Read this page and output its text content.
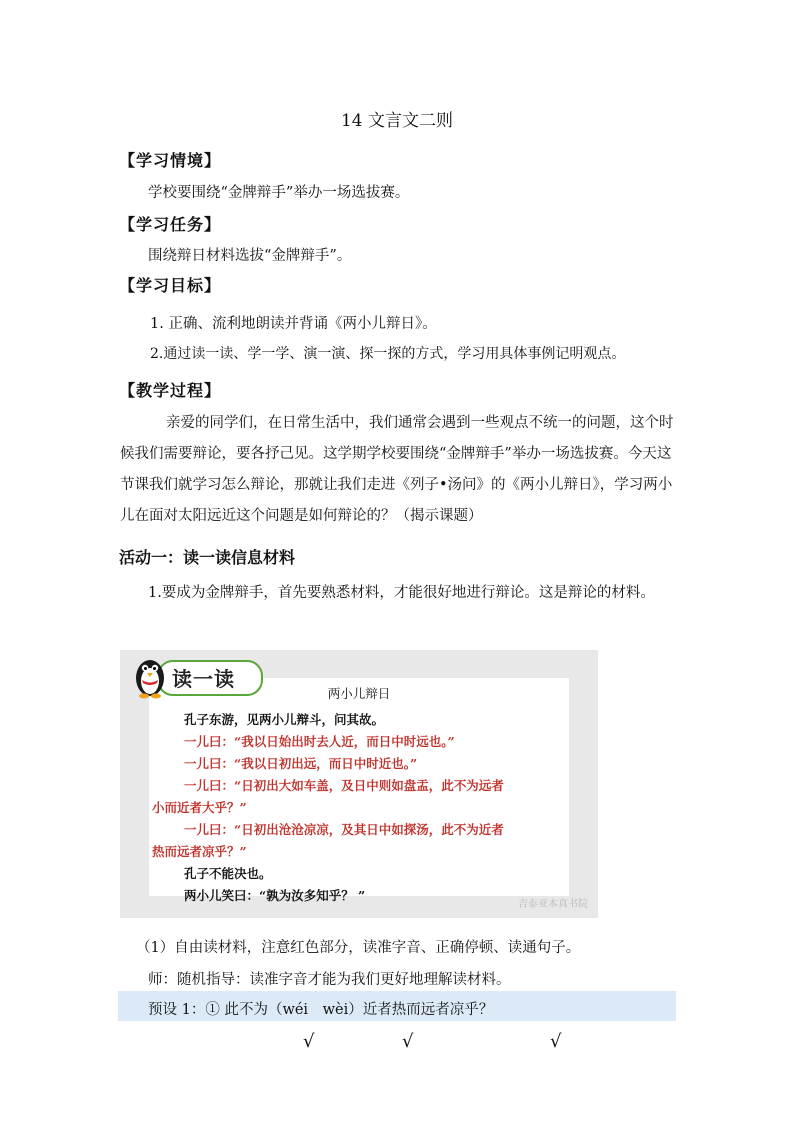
14 文言文二则
【学习情境】
学校要围绕“金牌辩手”举办一场选拔赛。
【学习任务】
围绕辩日材料选拔“金牌辩手”。
【学习目标】
1. 正确、流利地朗读并背诵《两小儿辩日》。
2.通过读一读、学一学、演一演、探一探的方式，学习用具体事例记明观点。
【教学过程】
亲爱的同学们，在日常生活中，我们通常会遇到一些观点不统一的问题，这个时候我们需要辩论，要各抒己见。这学期学校要围绕“金牌辩手”举办一场选拔赛。今天这节课我们就学习怎么辩论，那就让我们走进《列子•汤问》的《两小儿辩日》，学习两小儿在面对太阳远近这个问题是如何辩论的？（揭示课题）
活动一：读一读信息材料
1.要成为金牌辩手，首先要熟悉材料，才能很好地进行辩论。这是辩论的材料。
两小儿辩日
孔子东游，见两小儿辩斗，问其故。
一儿曰：“我以日始出时去人近，而日中时远也。”
一儿曰：“我以日初出远，而日中时近也。”
一儿曰：“日初出大如车盖，及日中则如盘盂，此不为远者
小而近者大乎？”
一儿曰：“日初出沧沧凉凉，及其日中如探汤，此不为近者
热而远者凉乎？”
孔子不能决也。
两小儿笑曰：“孰为汝多知乎？ ”
读一读
吉泰亚本真书院
（1）自由读材料，注意红色部分，读准字音、正确停顿、读通句子。
师：随机指导：读准字音才能为我们更好地理解读材料。
预设 1：① 此不为（wéi　wèi）近者热而远者凉乎？
√	√	√
